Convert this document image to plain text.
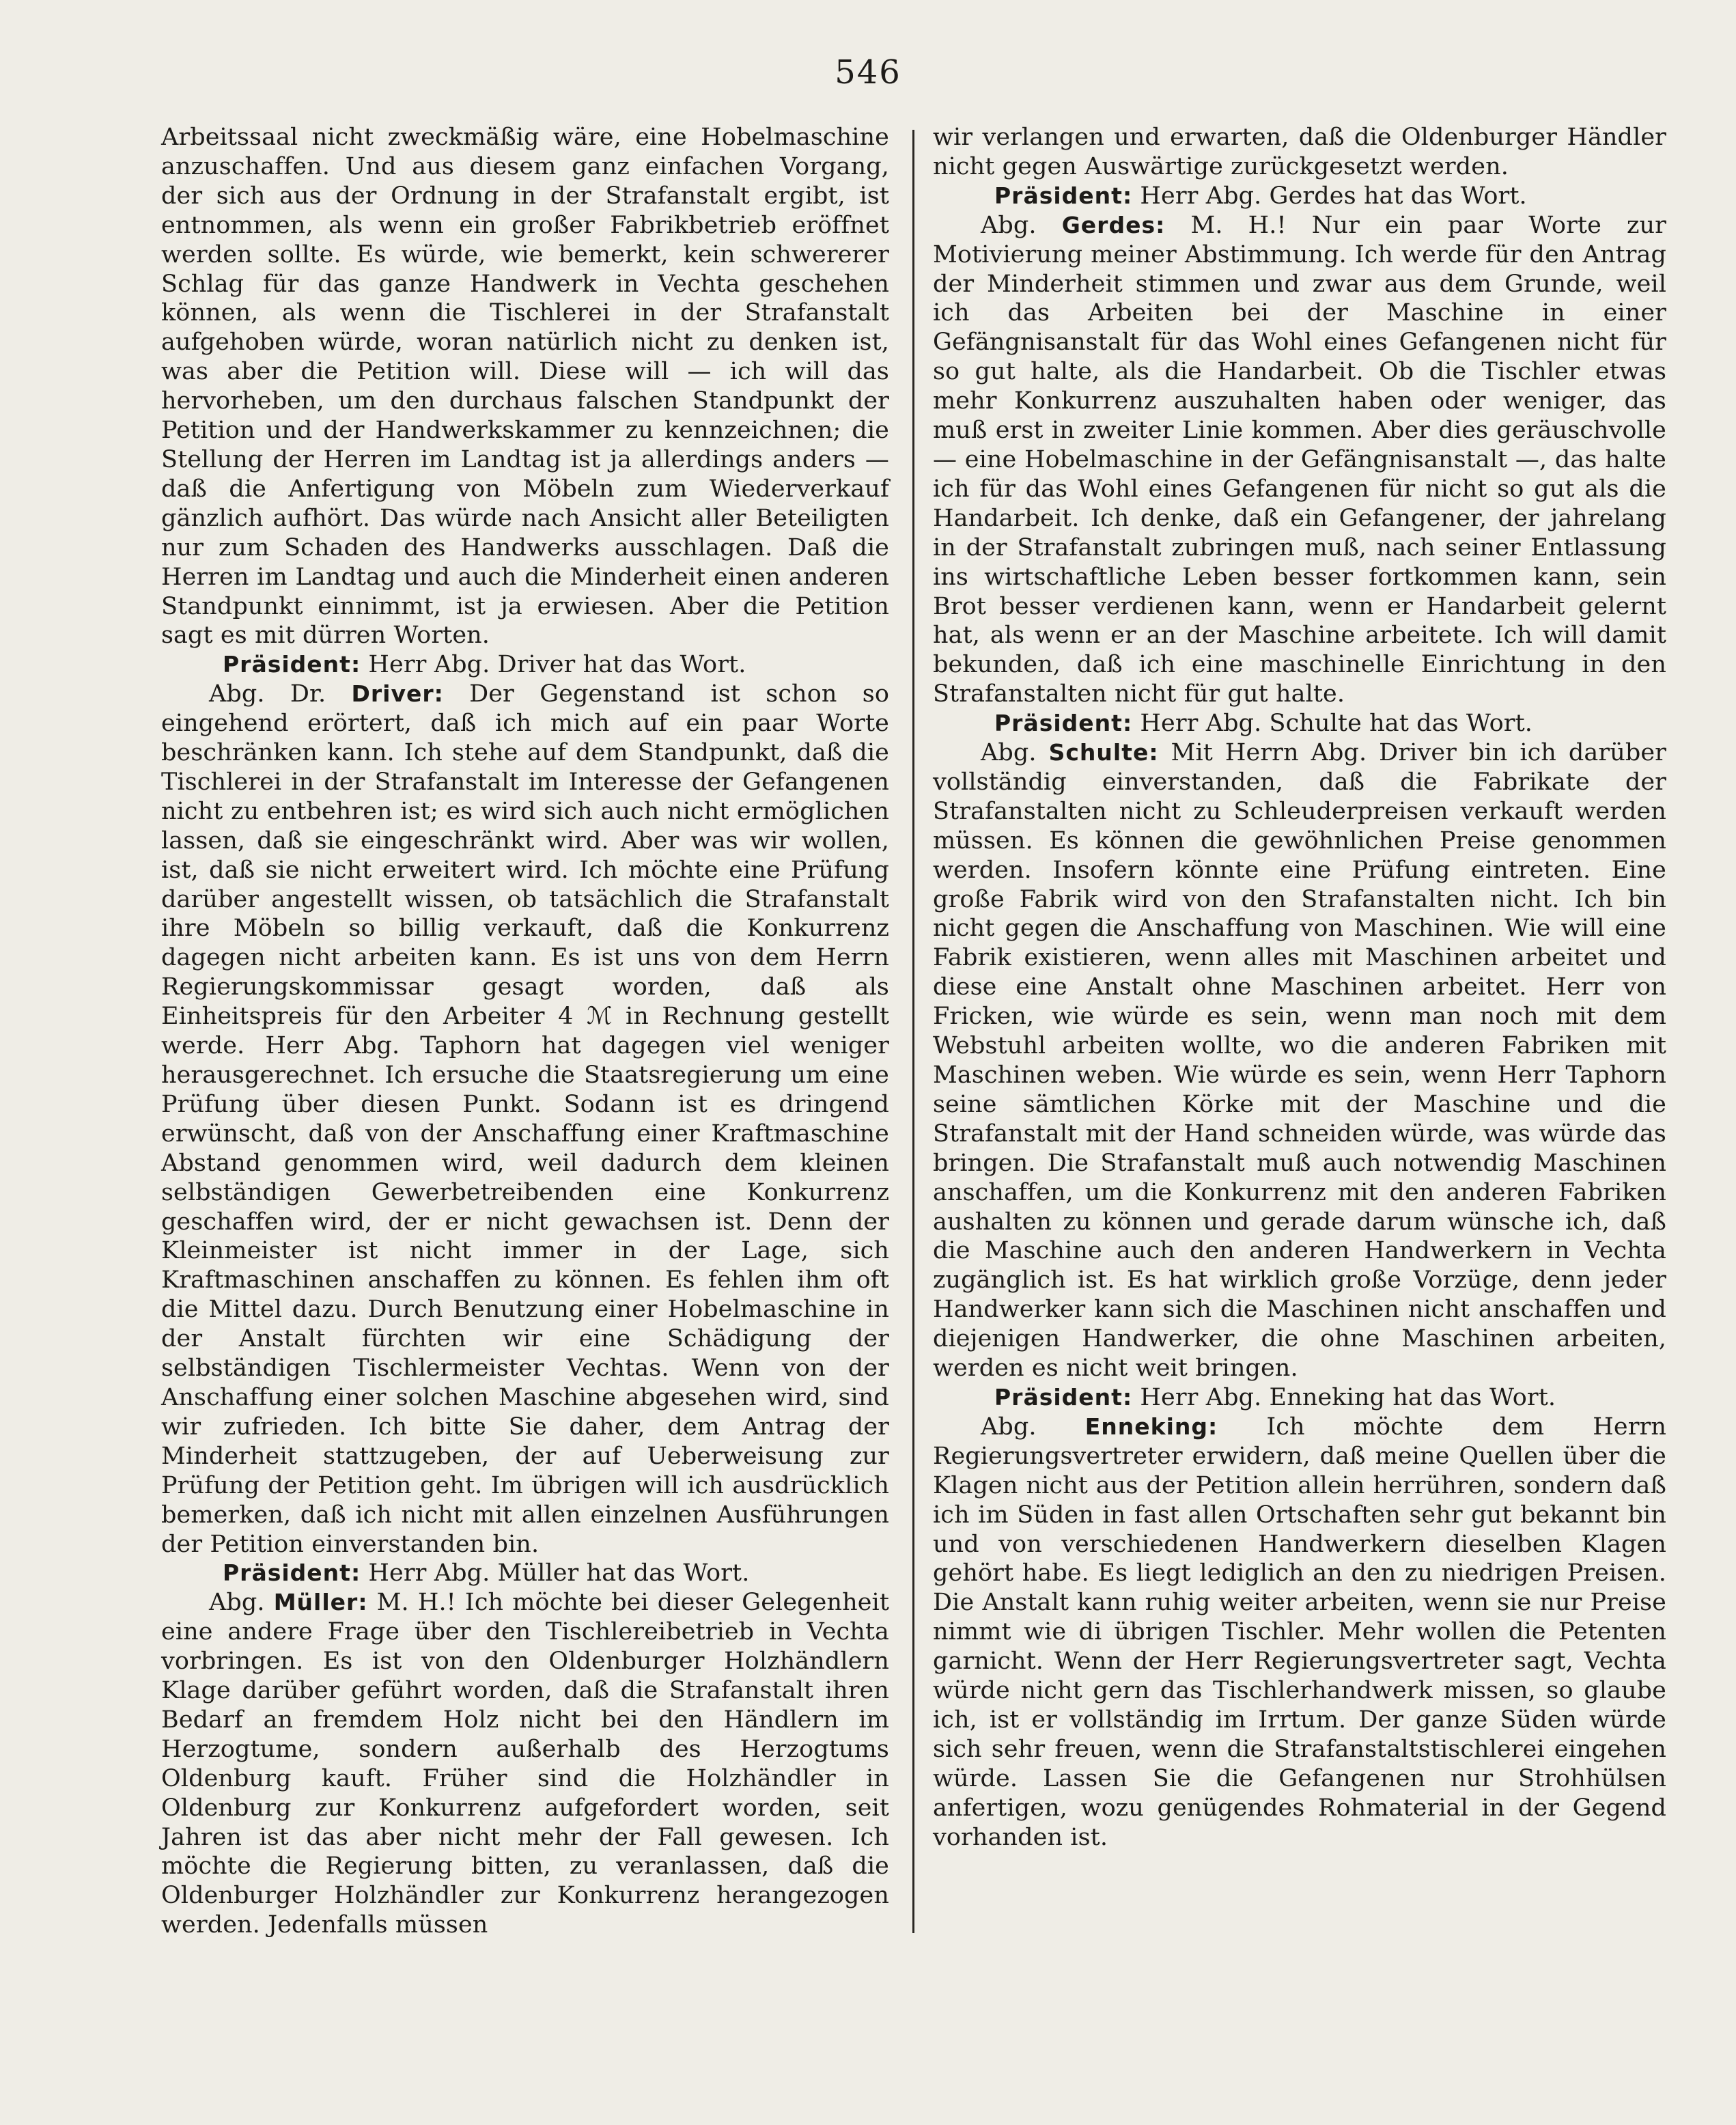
546

Arbeitssaal nicht zweckmäßig wäre, eine Hobelmaschine anzuschaffen. Und aus diesem ganz einfachen Vorgang, der sich aus der Ordnung in der Strafanstalt ergibt, ist entnommen, als wenn ein großer Fabrikbetrieb eröffnet werden sollte. Es würde, wie bemerkt, kein schwererer Schlag für das ganze Handwerk in Vechta geschehen können, als wenn die Tischlerei in der Strafanstalt aufgehoben würde, woran natürlich nicht zu denken ist, was aber die Petition will. Diese will — ich will das hervorheben, um den durchaus falschen Standpunkt der Petition und der Handwerkskammer zu kennzeichnen; die Stellung der Herren im Landtag ist ja allerdings anders — daß die Anfertigung von Möbeln zum Wiederverkauf gänzlich aufhört. Das würde nach Ansicht aller Beteiligten nur zum Schaden des Handwerks ausschlagen. Daß die Herren im Landtag und auch die Minderheit einen anderen Standpunkt einnimmt, ist ja erwiesen. Aber die Petition sagt es mit dürren Worten.

Präsident: Herr Abg. Driver hat das Wort.

Abg. Dr. Driver: Der Gegenstand ist schon so eingehend erörtert, daß ich mich auf ein paar Worte beschränken kann. Ich stehe auf dem Standpunkt, daß die Tischlerei in der Strafanstalt im Interesse der Gefangenen nicht zu entbehren ist; es wird sich auch nicht ermöglichen lassen, daß sie eingeschränkt wird. Aber was wir wollen, ist, daß sie nicht erweitert wird. Ich möchte eine Prüfung darüber angestellt wissen, ob tatsächlich die Strafanstalt ihre Möbeln so billig verkauft, daß die Konkurrenz dagegen nicht arbeiten kann. Es ist uns von dem Herrn Regierungskommissar gesagt worden, daß als Einheitspreis für den Arbeiter 4 ℳ in Rechnung gestellt werde. Herr Abg. Taphorn hat dagegen viel weniger herausgerechnet. Ich ersuche die Staatsregierung um eine Prüfung über diesen Punkt. Sodann ist es dringend erwünscht, daß von der Anschaffung einer Kraftmaschine Abstand genommen wird, weil dadurch dem kleinen selbständigen Gewerbetreibenden eine Konkurrenz geschaffen wird, der er nicht gewachsen ist. Denn der Kleinmeister ist nicht immer in der Lage, sich Kraftmaschinen anschaffen zu können. Es fehlen ihm oft die Mittel dazu. Durch Benutzung einer Hobelmaschine in der Anstalt fürchten wir eine Schädigung der selbständigen Tischlermeister Vechtas. Wenn von der Anschaffung einer solchen Maschine abgesehen wird, sind wir zufrieden. Ich bitte Sie daher, dem Antrag der Minderheit stattzugeben, der auf Ueberweisung zur Prüfung der Petition geht. Im übrigen will ich ausdrücklich bemerken, daß ich nicht mit allen einzelnen Ausführungen der Petition einverstanden bin.

Präsident: Herr Abg. Müller hat das Wort.

Abg. Müller: M. H.! Ich möchte bei dieser Gelegenheit eine andere Frage über den Tischlereibetrieb in Vechta vorbringen. Es ist von den Oldenburger Holzhändlern Klage darüber geführt worden, daß die Strafanstalt ihren Bedarf an fremdem Holz nicht bei den Händlern im Herzogtume, sondern außerhalb des Herzogtums Oldenburg kauft. Früher sind die Holzhändler in Oldenburg zur Konkurrenz aufgefordert worden, seit Jahren ist das aber nicht mehr der Fall gewesen. Ich möchte die Regierung bitten, zu veranlassen, daß die Oldenburger Holzhändler zur Konkurrenz herangezogen werden. Jedenfalls müssen

wir verlangen und erwarten, daß die Oldenburger Händler nicht gegen Auswärtige zurückgesetzt werden.

Präsident: Herr Abg. Gerdes hat das Wort.

Abg. Gerdes: M. H.! Nur ein paar Worte zur Motivierung meiner Abstimmung. Ich werde für den Antrag der Minderheit stimmen und zwar aus dem Grunde, weil ich das Arbeiten bei der Maschine in einer Gefängnisanstalt für das Wohl eines Gefangenen nicht für so gut halte, als die Handarbeit. Ob die Tischler etwas mehr Konkurrenz auszuhalten haben oder weniger, das muß erst in zweiter Linie kommen. Aber dies geräuschvolle — eine Hobelmaschine in der Gefängnisanstalt —, das halte ich für das Wohl eines Gefangenen für nicht so gut als die Handarbeit. Ich denke, daß ein Gefangener, der jahrelang in der Strafanstalt zubringen muß, nach seiner Entlassung ins wirtschaftliche Leben besser fortkommen kann, sein Brot besser verdienen kann, wenn er Handarbeit gelernt hat, als wenn er an der Maschine arbeitete. Ich will damit bekunden, daß ich eine maschinelle Einrichtung in den Strafanstalten nicht für gut halte.

Präsident: Herr Abg. Schulte hat das Wort.

Abg. Schulte: Mit Herrn Abg. Driver bin ich darüber vollständig einverstanden, daß die Fabrikate der Strafanstalten nicht zu Schleuderpreisen verkauft werden müssen. Es können die gewöhnlichen Preise genommen werden. Insofern könnte eine Prüfung eintreten. Eine große Fabrik wird von den Strafanstalten nicht. Ich bin nicht gegen die Anschaffung von Maschinen. Wie will eine Fabrik existieren, wenn alles mit Maschinen arbeitet und diese eine Anstalt ohne Maschinen arbeitet. Herr von Fricken, wie würde es sein, wenn man noch mit dem Webstuhl arbeiten wollte, wo die anderen Fabriken mit Maschinen weben. Wie würde es sein, wenn Herr Taphorn seine sämtlichen Körke mit der Maschine und die Strafanstalt mit der Hand schneiden würde, was würde das bringen. Die Strafanstalt muß auch notwendig Maschinen anschaffen, um die Konkurrenz mit den anderen Fabriken aushalten zu können und gerade darum wünsche ich, daß die Maschine auch den anderen Handwerkern in Vechta zugänglich ist. Es hat wirklich große Vorzüge, denn jeder Handwerker kann sich die Maschinen nicht anschaffen und diejenigen Handwerker, die ohne Maschinen arbeiten, werden es nicht weit bringen.

Präsident: Herr Abg. Enneking hat das Wort.

Abg. Enneking: Ich möchte dem Herrn Regierungsvertreter erwidern, daß meine Quellen über die Klagen nicht aus der Petition allein herrühren, sondern daß ich im Süden in fast allen Ortschaften sehr gut bekannt bin und von verschiedenen Handwerkern dieselben Klagen gehört habe. Es liegt lediglich an den zu niedrigen Preisen. Die Anstalt kann ruhig weiter arbeiten, wenn sie nur Preise nimmt wie di übrigen Tischler. Mehr wollen die Petenten garnicht. Wenn der Herr Regierungsvertreter sagt, Vechta würde nicht gern das Tischlerhandwerk missen, so glaube ich, ist er vollständig im Irrtum. Der ganze Süden würde sich sehr freuen, wenn die Strafanstaltstischlerei eingehen würde. Lassen Sie die Gefangenen nur Strohhülsen anfertigen, wozu genügendes Rohmaterial in der Gegend vorhanden ist.
